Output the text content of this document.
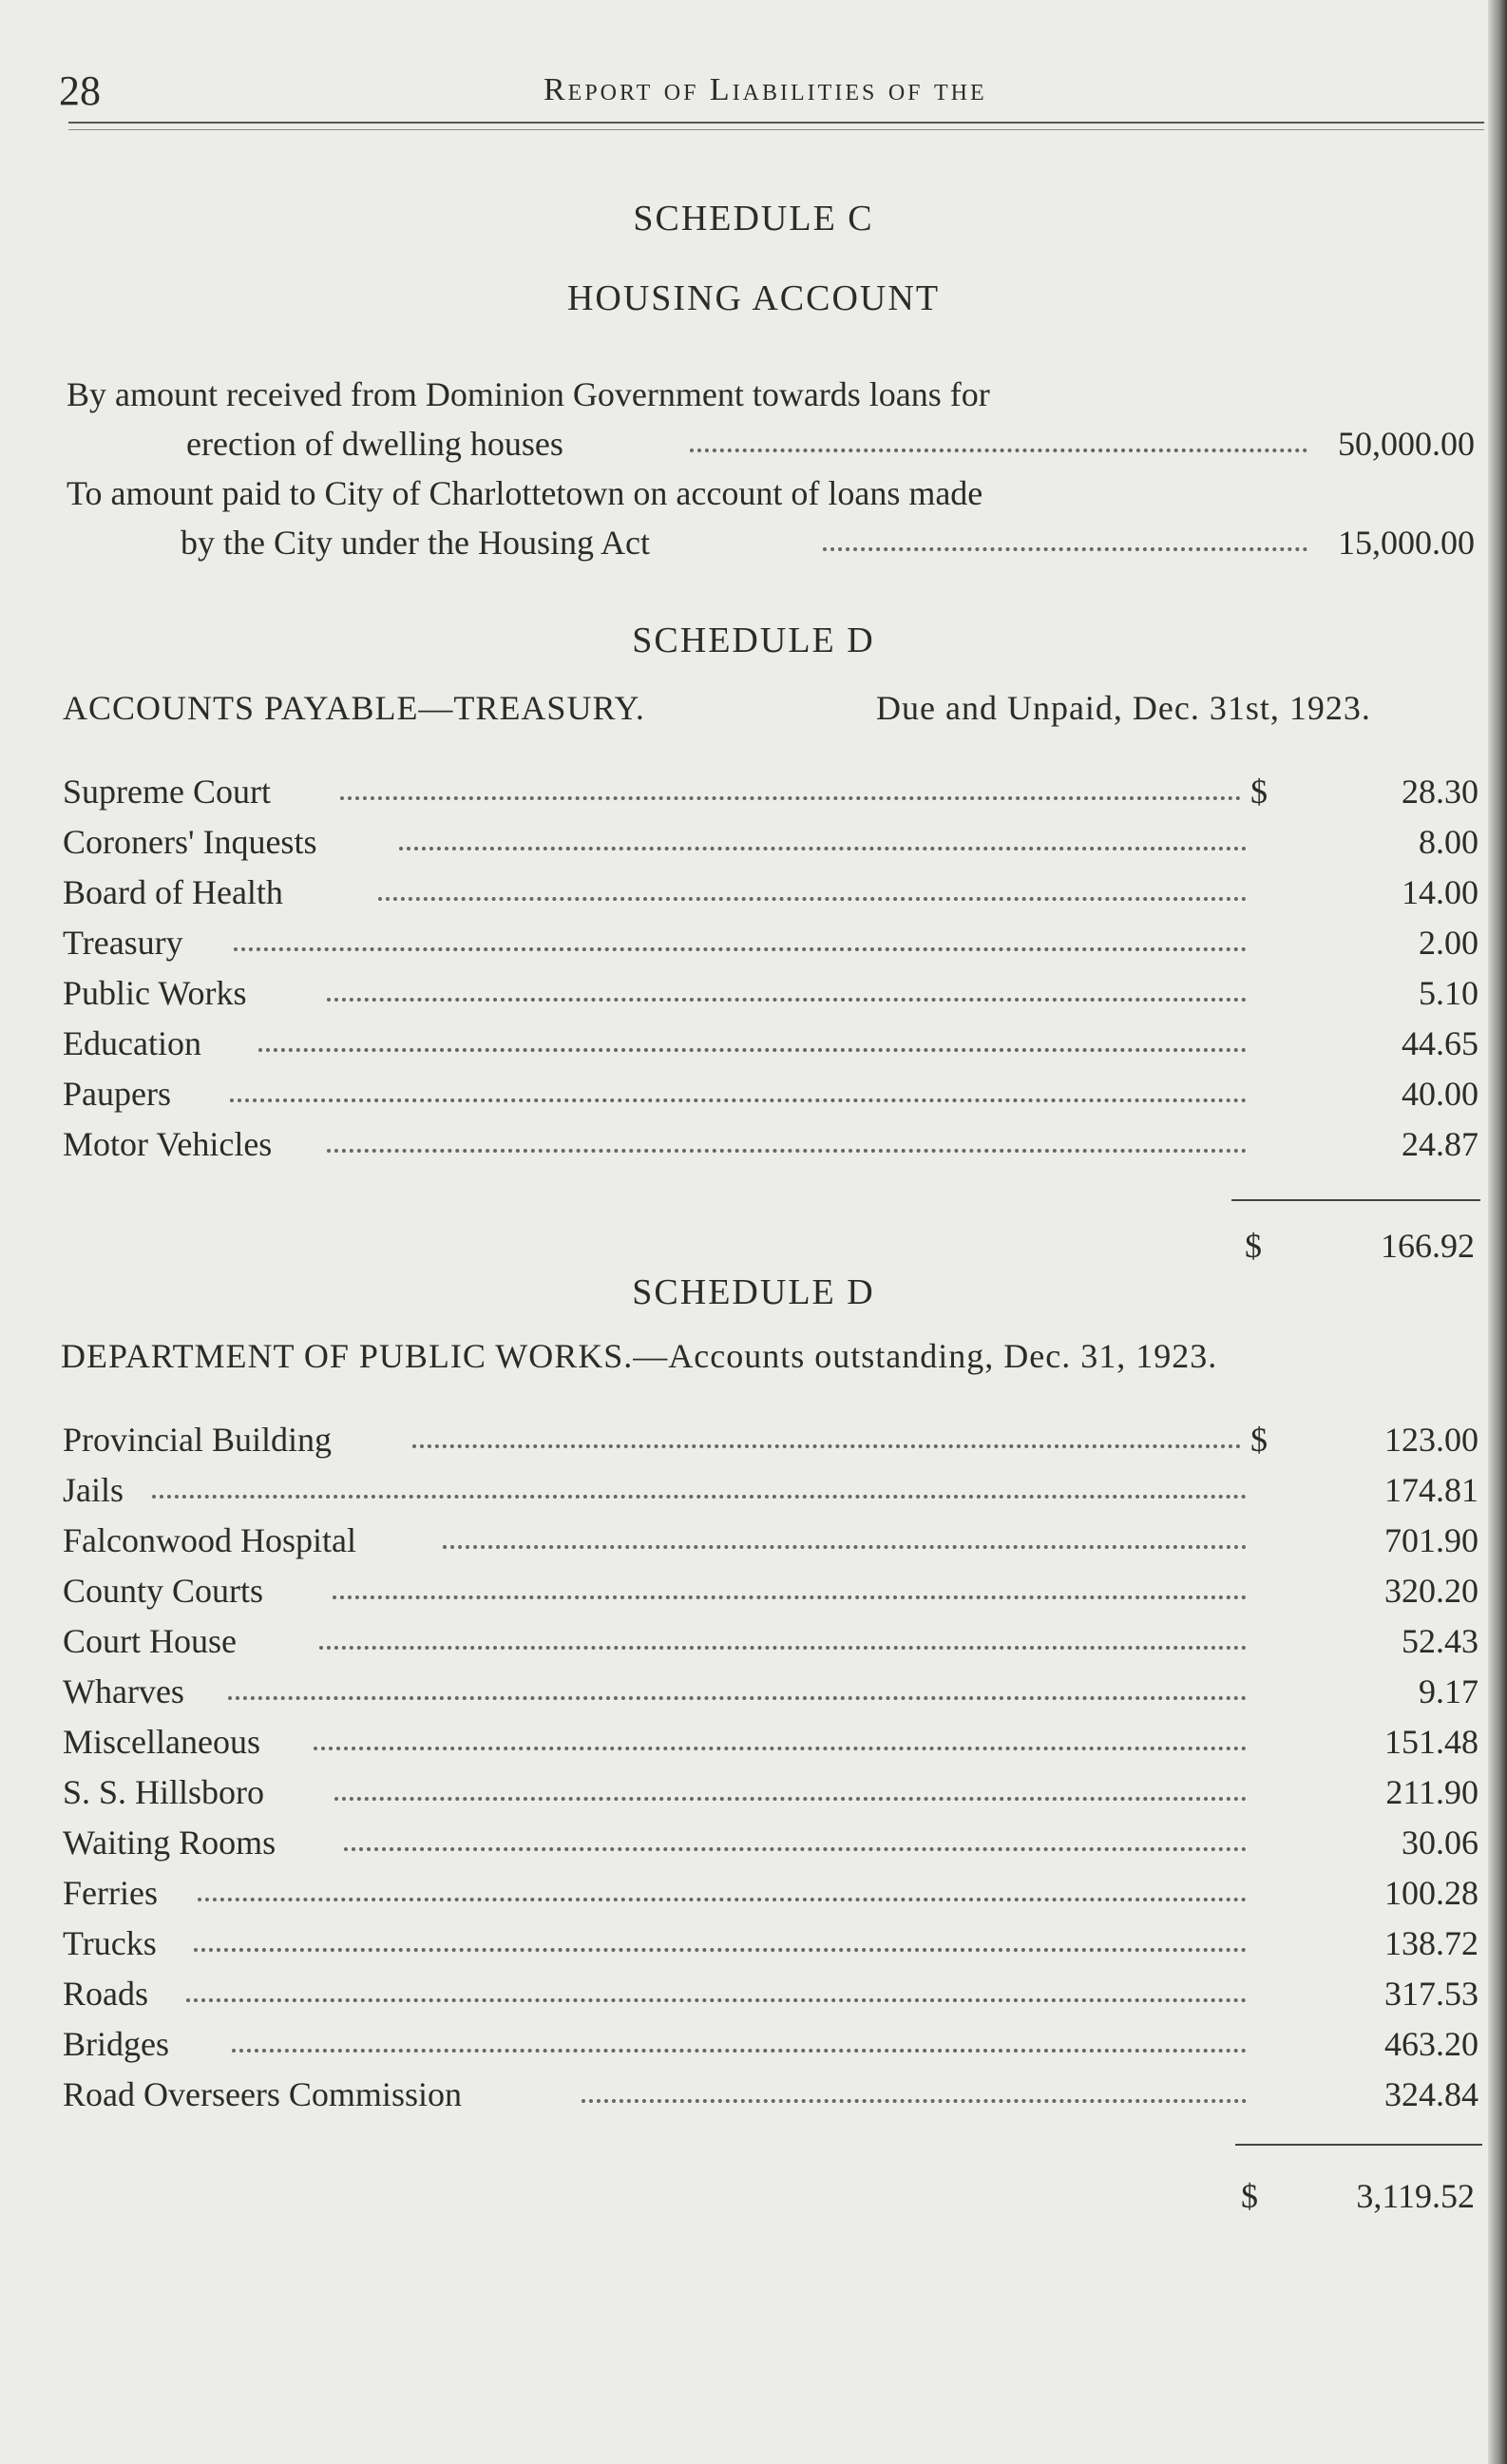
28	Report of Liabilities of the
SCHEDULE C
HOUSING ACCOUNT
By amount received from Dominion Government towards loans for
erection of dwelling houses	50,000.00
To amount paid to City of Charlottetown on account of loans made
by the City under the Housing Act	15,000.00
SCHEDULE D
ACCOUNTS PAYABLE—TREASURY.	Due and Unpaid, Dec. 31st, 1923.
Supreme Court	$	28.30
Coroners' Inquests	8.00
Board of Health	14.00
Treasury	2.00
Public Works	5.10
Education	44.65
Paupers	40.00
Motor Vehicles	24.87
$	166.92
SCHEDULE D
DEPARTMENT OF PUBLIC WORKS.—Accounts outstanding, Dec. 31, 1923.
Provincial Building	$	123.00
Jails	174.81
Falconwood Hospital	701.90
County Courts	320.20
Court House	52.43
Wharves	9.17
Miscellaneous	151.48
S. S. Hillsboro	211.90
Waiting Rooms	30.06
Ferries	100.28
Trucks	138.72
Roads	317.53
Bridges	463.20
Road Overseers Commission	324.84
$	3,119.52
